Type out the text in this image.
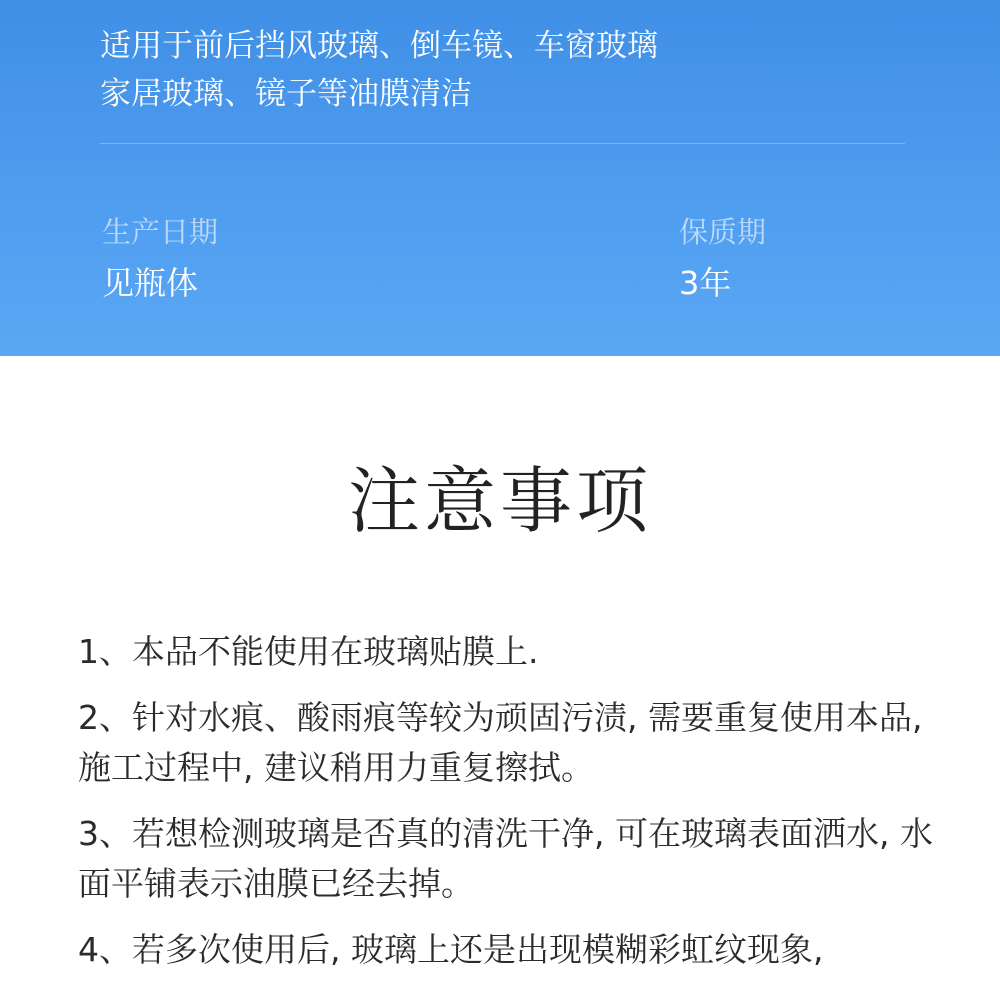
适用于前后挡风玻璃、倒车镜、车窗玻璃
家居玻璃、镜子等油膜清洁
生产日期
见瓶体
保质期
3年
注意事项
1、本品不能使用在玻璃贴膜上.
2、针对水痕、酸雨痕等较为顽固污渍, 需要重复使用本品, 施工过程中, 建议稍用力重复擦拭。
3、若想检测玻璃是否真的清洗干净, 可在玻璃表面洒水, 水面平铺表示油膜已经去掉。
4、若多次使用后, 玻璃上还是出现模糊彩虹纹现象,
